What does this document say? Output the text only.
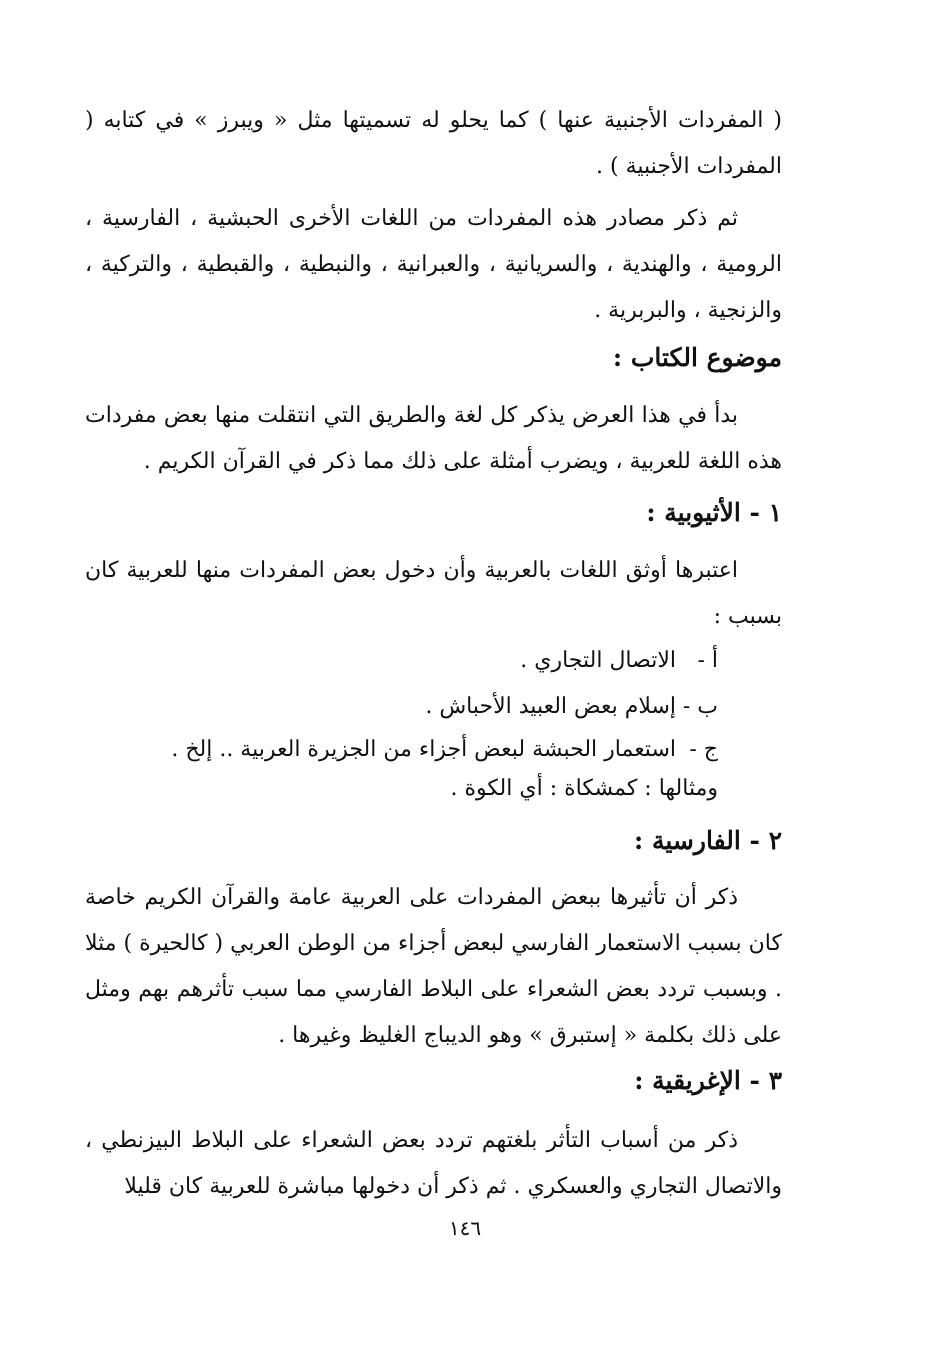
( المفردات الأجنبية عنها ) كما يحلو له تسميتها مثل « ويبرز » في كتابه ( المفردات الأجنبية ) .

ثم ذكر مصادر هذه المفردات من اللغات الأخرى الحبشية ، الفارسية ، الرومية ، والهندية ، والسريانية ، والعبرانية ، والنبطية ، والقبطية ، والتركية ، والزنجية ، والبربرية .

موضوع الكتاب :

بدأ في هذا العرض يذكر كل لغة والطريق التي انتقلت منها بعض مفردات هذه اللغة للعربية ، ويضرب أمثلة على ذلك مما ذكر في القرآن الكريم .

١ - الأثيوبية :

اعتبرها أوثق اللغات بالعربية وأن دخول بعض المفردات منها للعربية كان بسبب :

أ -الاتصال التجاري .
ب -إسلام بعض العبيد الأحباش .
ج -استعمار الحبشة لبعض أجزاء من الجزيرة العربية .. إلخ .
ومثالها : كمشكاة : أي الكوة .
٢ - الفارسية :

ذكر أن تأثيرها ببعض المفردات على العربية عامة والقرآن الكريم خاصة كان بسبب الاستعمار الفارسي لبعض أجزاء من الوطن العربي ( كالحيرة ) مثلا . وبسبب تردد بعض الشعراء على البلاط الفارسي مما سبب تأثرهم بهم ومثل على ذلك بكلمة « إستبرق » وهو الديباج الغليظ وغيرها .

٣ - الإغريقية :

ذكر من أسباب التأثر بلغتهم تردد بعض الشعراء على البلاط البيزنطي ، والاتصال التجاري والعسكري . ثم ذكر أن دخولها مباشرة للعربية كان قليلا

١٤٦
